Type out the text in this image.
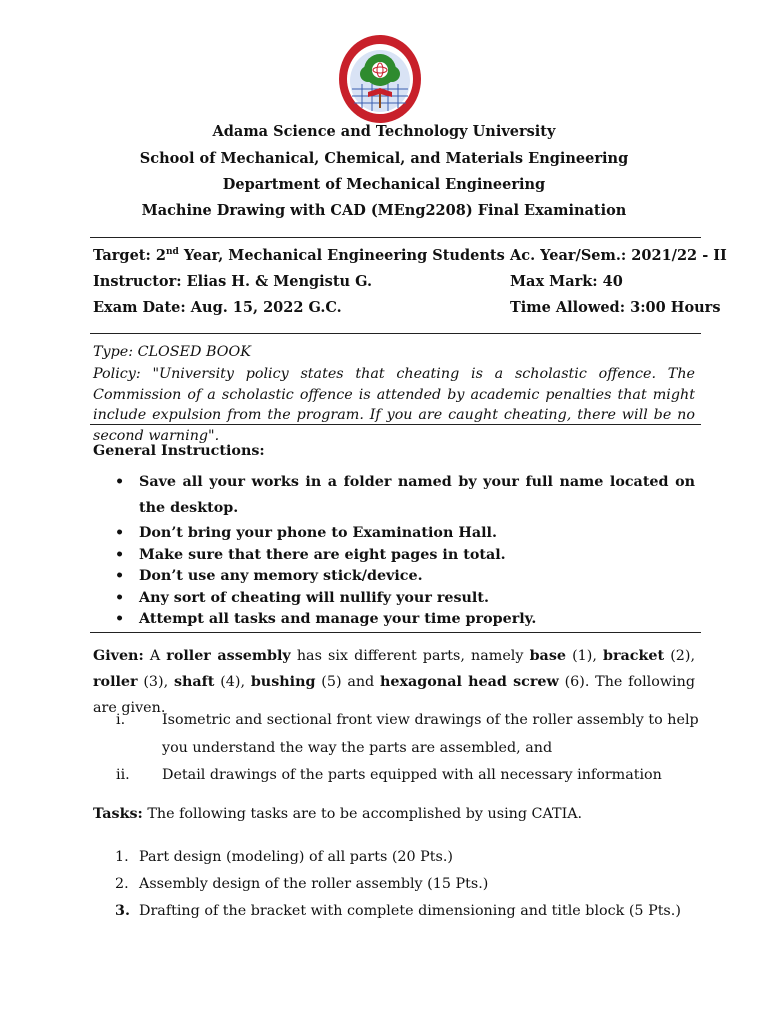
Adama Science and Technology University
School of Mechanical, Chemical, and Materials Engineering
Department of Mechanical Engineering
Machine Drawing with CAD (MEng2208) Final Examination
Target: 2nd Year, Mechanical Engineering Students
Instructor: Elias H. & Mengistu G.
Exam Date: Aug. 15, 2022 G.C.
Ac. Year/Sem.: 2021/22 - II
Max Mark: 40
Time Allowed: 3:00 Hours
Type: CLOSED BOOK
Policy: "University policy states that cheating is a scholastic offence. The Commission of a scholastic offence is attended by academic penalties that might include expulsion from the program. If you are caught cheating, there will be no second warning".
General Instructions:
• Save all your works in a folder named by your full name located on the desktop.
• Don’t bring your phone to Examination Hall.
• Make sure that there are eight pages in total.
• Don’t use any memory stick/device.
• Any sort of cheating will nullify your result.
• Attempt all tasks and manage your time properly.
Given: A roller assembly has six different parts, namely base (1), bracket (2), roller (3), shaft (4), bushing (5) and hexagonal head screw (6). The following are given.
i.	Isometric and sectional front view drawings of the roller assembly to help
you understand the way the parts are assembled, and
ii. Detail drawings of the parts equipped with all necessary information
Tasks: The following tasks are to be accomplished by using CATIA.
1. Part design (modeling) of all parts (20 Pts.)
2. Assembly design of the roller assembly (15 Pts.)
3. Drafting of the bracket with complete dimensioning and title block (5 Pts.)
